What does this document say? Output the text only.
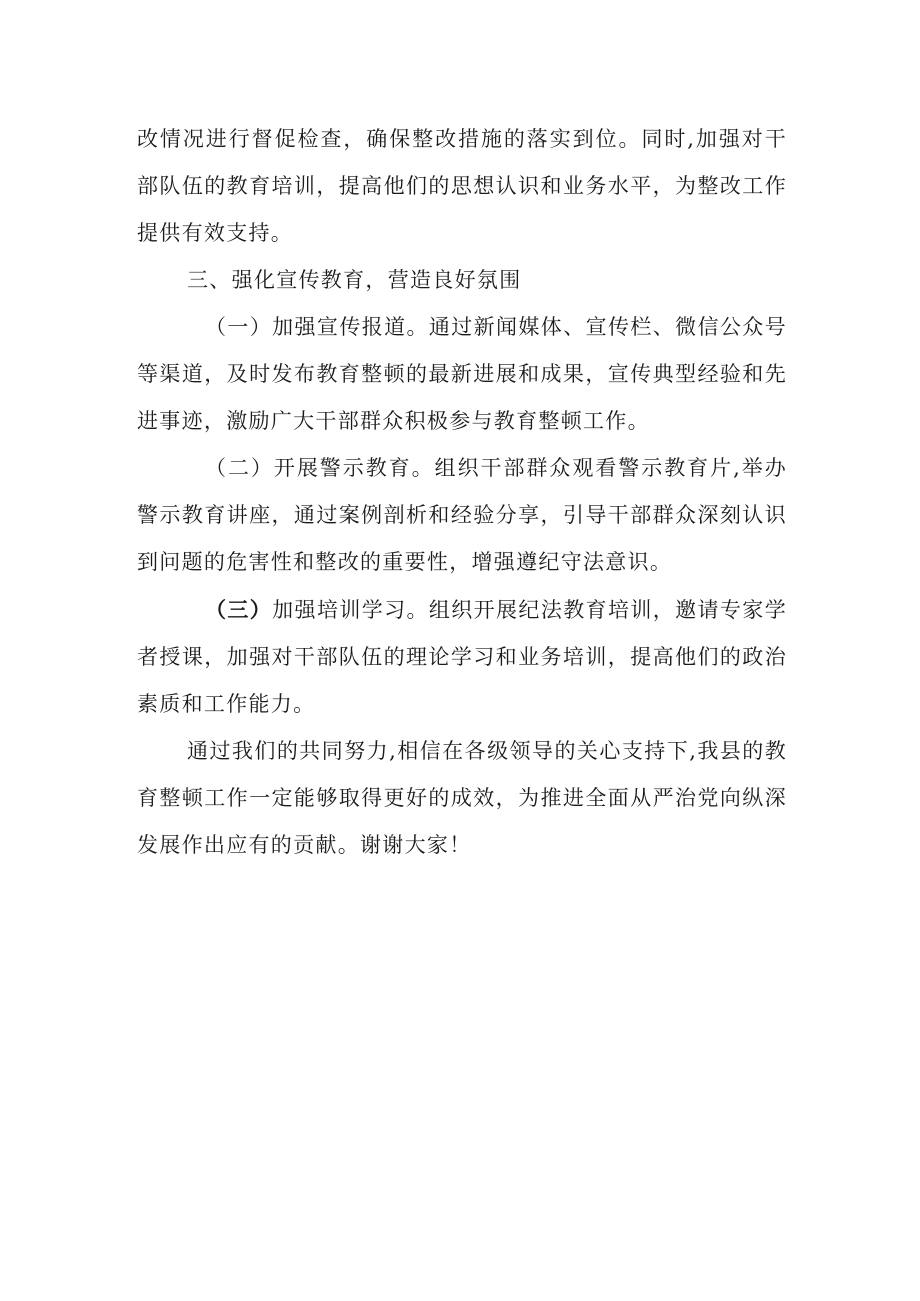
改情况进行督促检查，确保整改措施的落实到位。同时,加强对干部队伍的教育培训，提高他们的思想认识和业务水平，为整改工作提供有效支持。

三、强化宣传教育，营造良好氛围

（一）加强宣传报道。通过新闻媒体、宣传栏、微信公众号等渠道，及时发布教育整顿的最新进展和成果，宣传典型经验和先进事迹，激励广大干部群众积极参与教育整顿工作。

（二）开展警示教育。组织干部群众观看警示教育片,举办警示教育讲座，通过案例剖析和经验分享，引导干部群众深刻认识到问题的危害性和整改的重要性，增强遵纪守法意识。

（三）加强培训学习。组织开展纪法教育培训，邀请专家学者授课，加强对干部队伍的理论学习和业务培训，提高他们的政治素质和工作能力。

通过我们的共同努力,相信在各级领导的关心支持下,我县的教育整顿工作一定能够取得更好的成效，为推进全面从严治党向纵深发展作出应有的贡献。谢谢大家！
